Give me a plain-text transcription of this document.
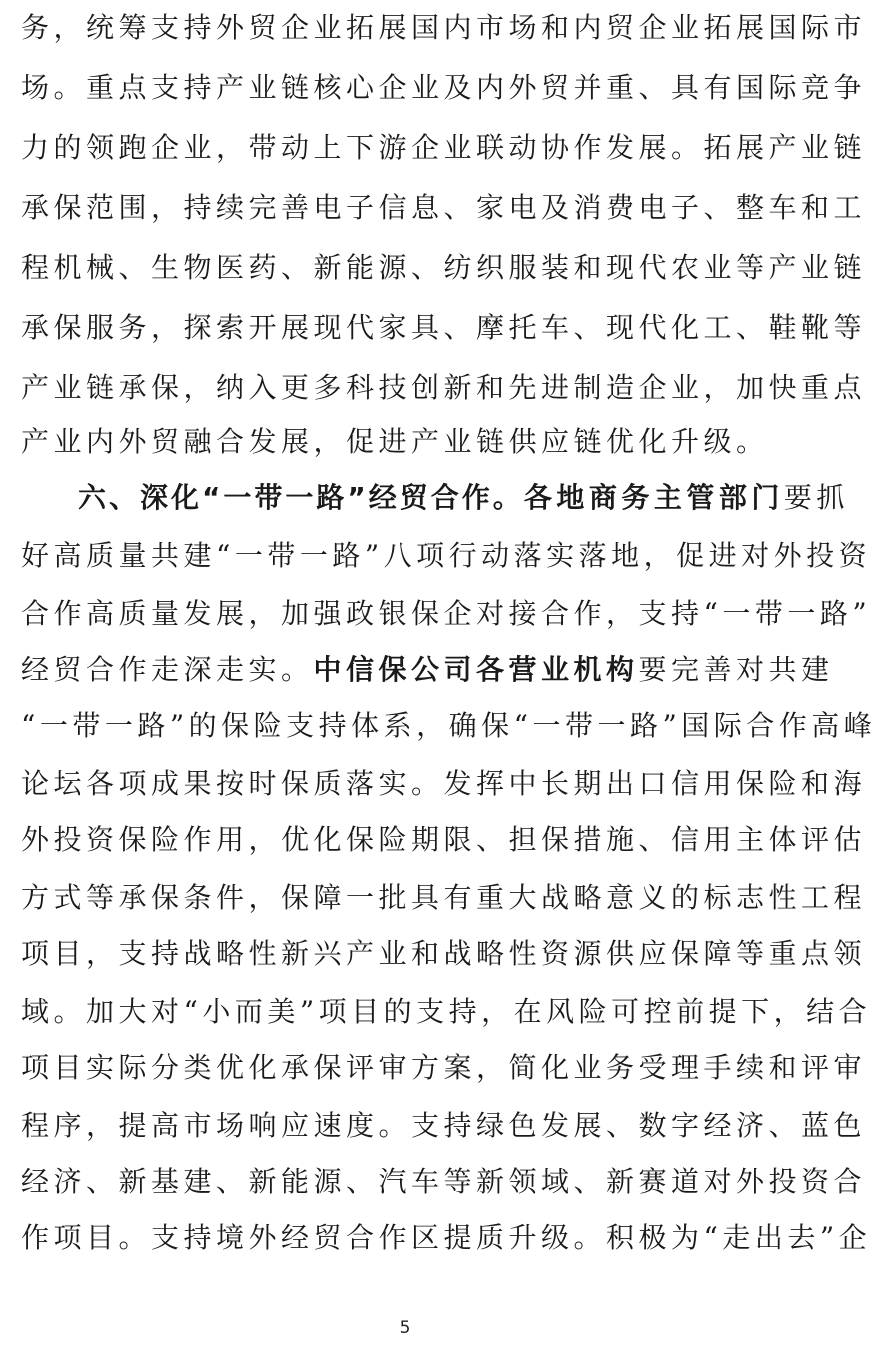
务，统筹支持外贸企业拓展国内市场和内贸企业拓展国际市
场。重点支持产业链核心企业及内外贸并重、具有国际竞争
力的领跑企业，带动上下游企业联动协作发展。拓展产业链
承保范围，持续完善电子信息、家电及消费电子、整车和工
程机械、生物医药、新能源、纺织服装和现代农业等产业链
承保服务，探索开展现代家具、摩托车、现代化工、鞋靴等
产业链承保，纳入更多科技创新和先进制造企业，加快重点
产业内外贸融合发展，促进产业链供应链优化升级。
六、深化“一带一路”经贸合作。各地商务主管部门要抓
好高质量共建“一带一路”八项行动落实落地，促进对外投资
合作高质量发展，加强政银保企对接合作，支持“一带一路”
经贸合作走深走实。中信保公司各营业机构要完善对共建
“一带一路”的保险支持体系，确保“一带一路”国际合作高峰
论坛各项成果按时保质落实。发挥中长期出口信用保险和海
外投资保险作用，优化保险期限、担保措施、信用主体评估
方式等承保条件，保障一批具有重大战略意义的标志性工程
项目，支持战略性新兴产业和战略性资源供应保障等重点领
域。加大对“小而美”项目的支持，在风险可控前提下，结合
项目实际分类优化承保评审方案，简化业务受理手续和评审
程序，提高市场响应速度。支持绿色发展、数字经济、蓝色
经济、新基建、新能源、汽车等新领域、新赛道对外投资合
作项目。支持境外经贸合作区提质升级。积极为“走出去”企
5
